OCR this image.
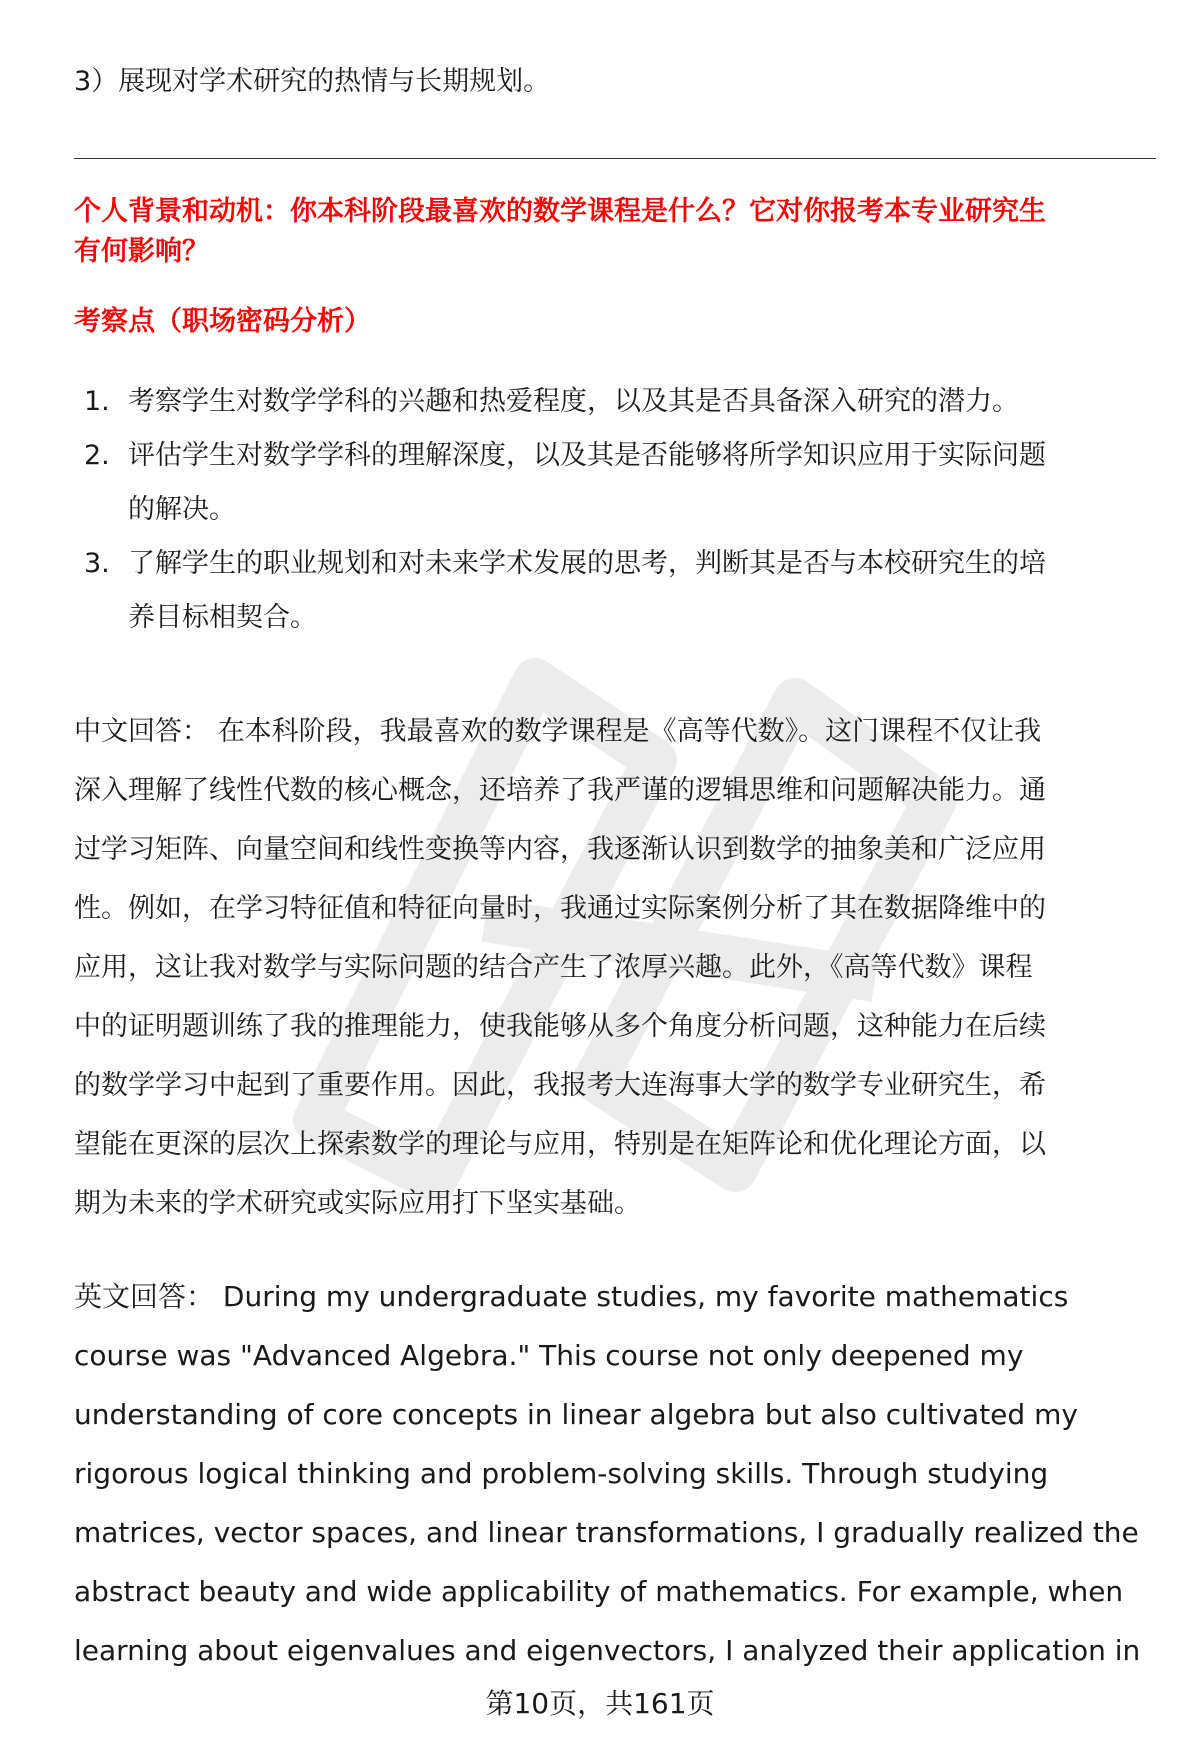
3）展现对学术研究的热情与长期规划。
个人背景和动机：你本科阶段最喜欢的数学课程是什么？它对你报考本专业研究生
有何影响？
考察点（职场密码分析）
1. 考察学生对数学学科的兴趣和热爱程度，以及其是否具备深入研究的潜力。
2. 评估学生对数学学科的理解深度，以及其是否能够将所学知识应用于实际问题
的解决。
3. 了解学生的职业规划和对未来学术发展的思考，判断其是否与本校研究生的培
养目标相契合。
中文回答： 在本科阶段，我最喜欢的数学课程是《高等代数》。这门课程不仅让我
深入理解了线性代数的核心概念，还培养了我严谨的逻辑思维和问题解决能力。通
过学习矩阵、向量空间和线性变换等内容，我逐渐认识到数学的抽象美和广泛应用
性。例如，在学习特征值和特征向量时，我通过实际案例分析了其在数据降维中的
应用，这让我对数学与实际问题的结合产生了浓厚兴趣。此外，《高等代数》课程
中的证明题训练了我的推理能力，使我能够从多个角度分析问题，这种能力在后续
的数学学习中起到了重要作用。因此，我报考大连海事大学的数学专业研究生，希
望能在更深的层次上探索数学的理论与应用，特别是在矩阵论和优化理论方面，以
期为未来的学术研究或实际应用打下坚实基础。
英文回答： During my undergraduate studies, my favorite mathematics
course was "Advanced Algebra." This course not only deepened my
understanding of core concepts in linear algebra but also cultivated my
rigorous logical thinking and problem-solving skills. Through studying
matrices, vector spaces, and linear transformations, I gradually realized the
abstract beauty and wide applicability of mathematics. For example, when
learning about eigenvalues and eigenvectors, I analyzed their application in
第10页，共161页
